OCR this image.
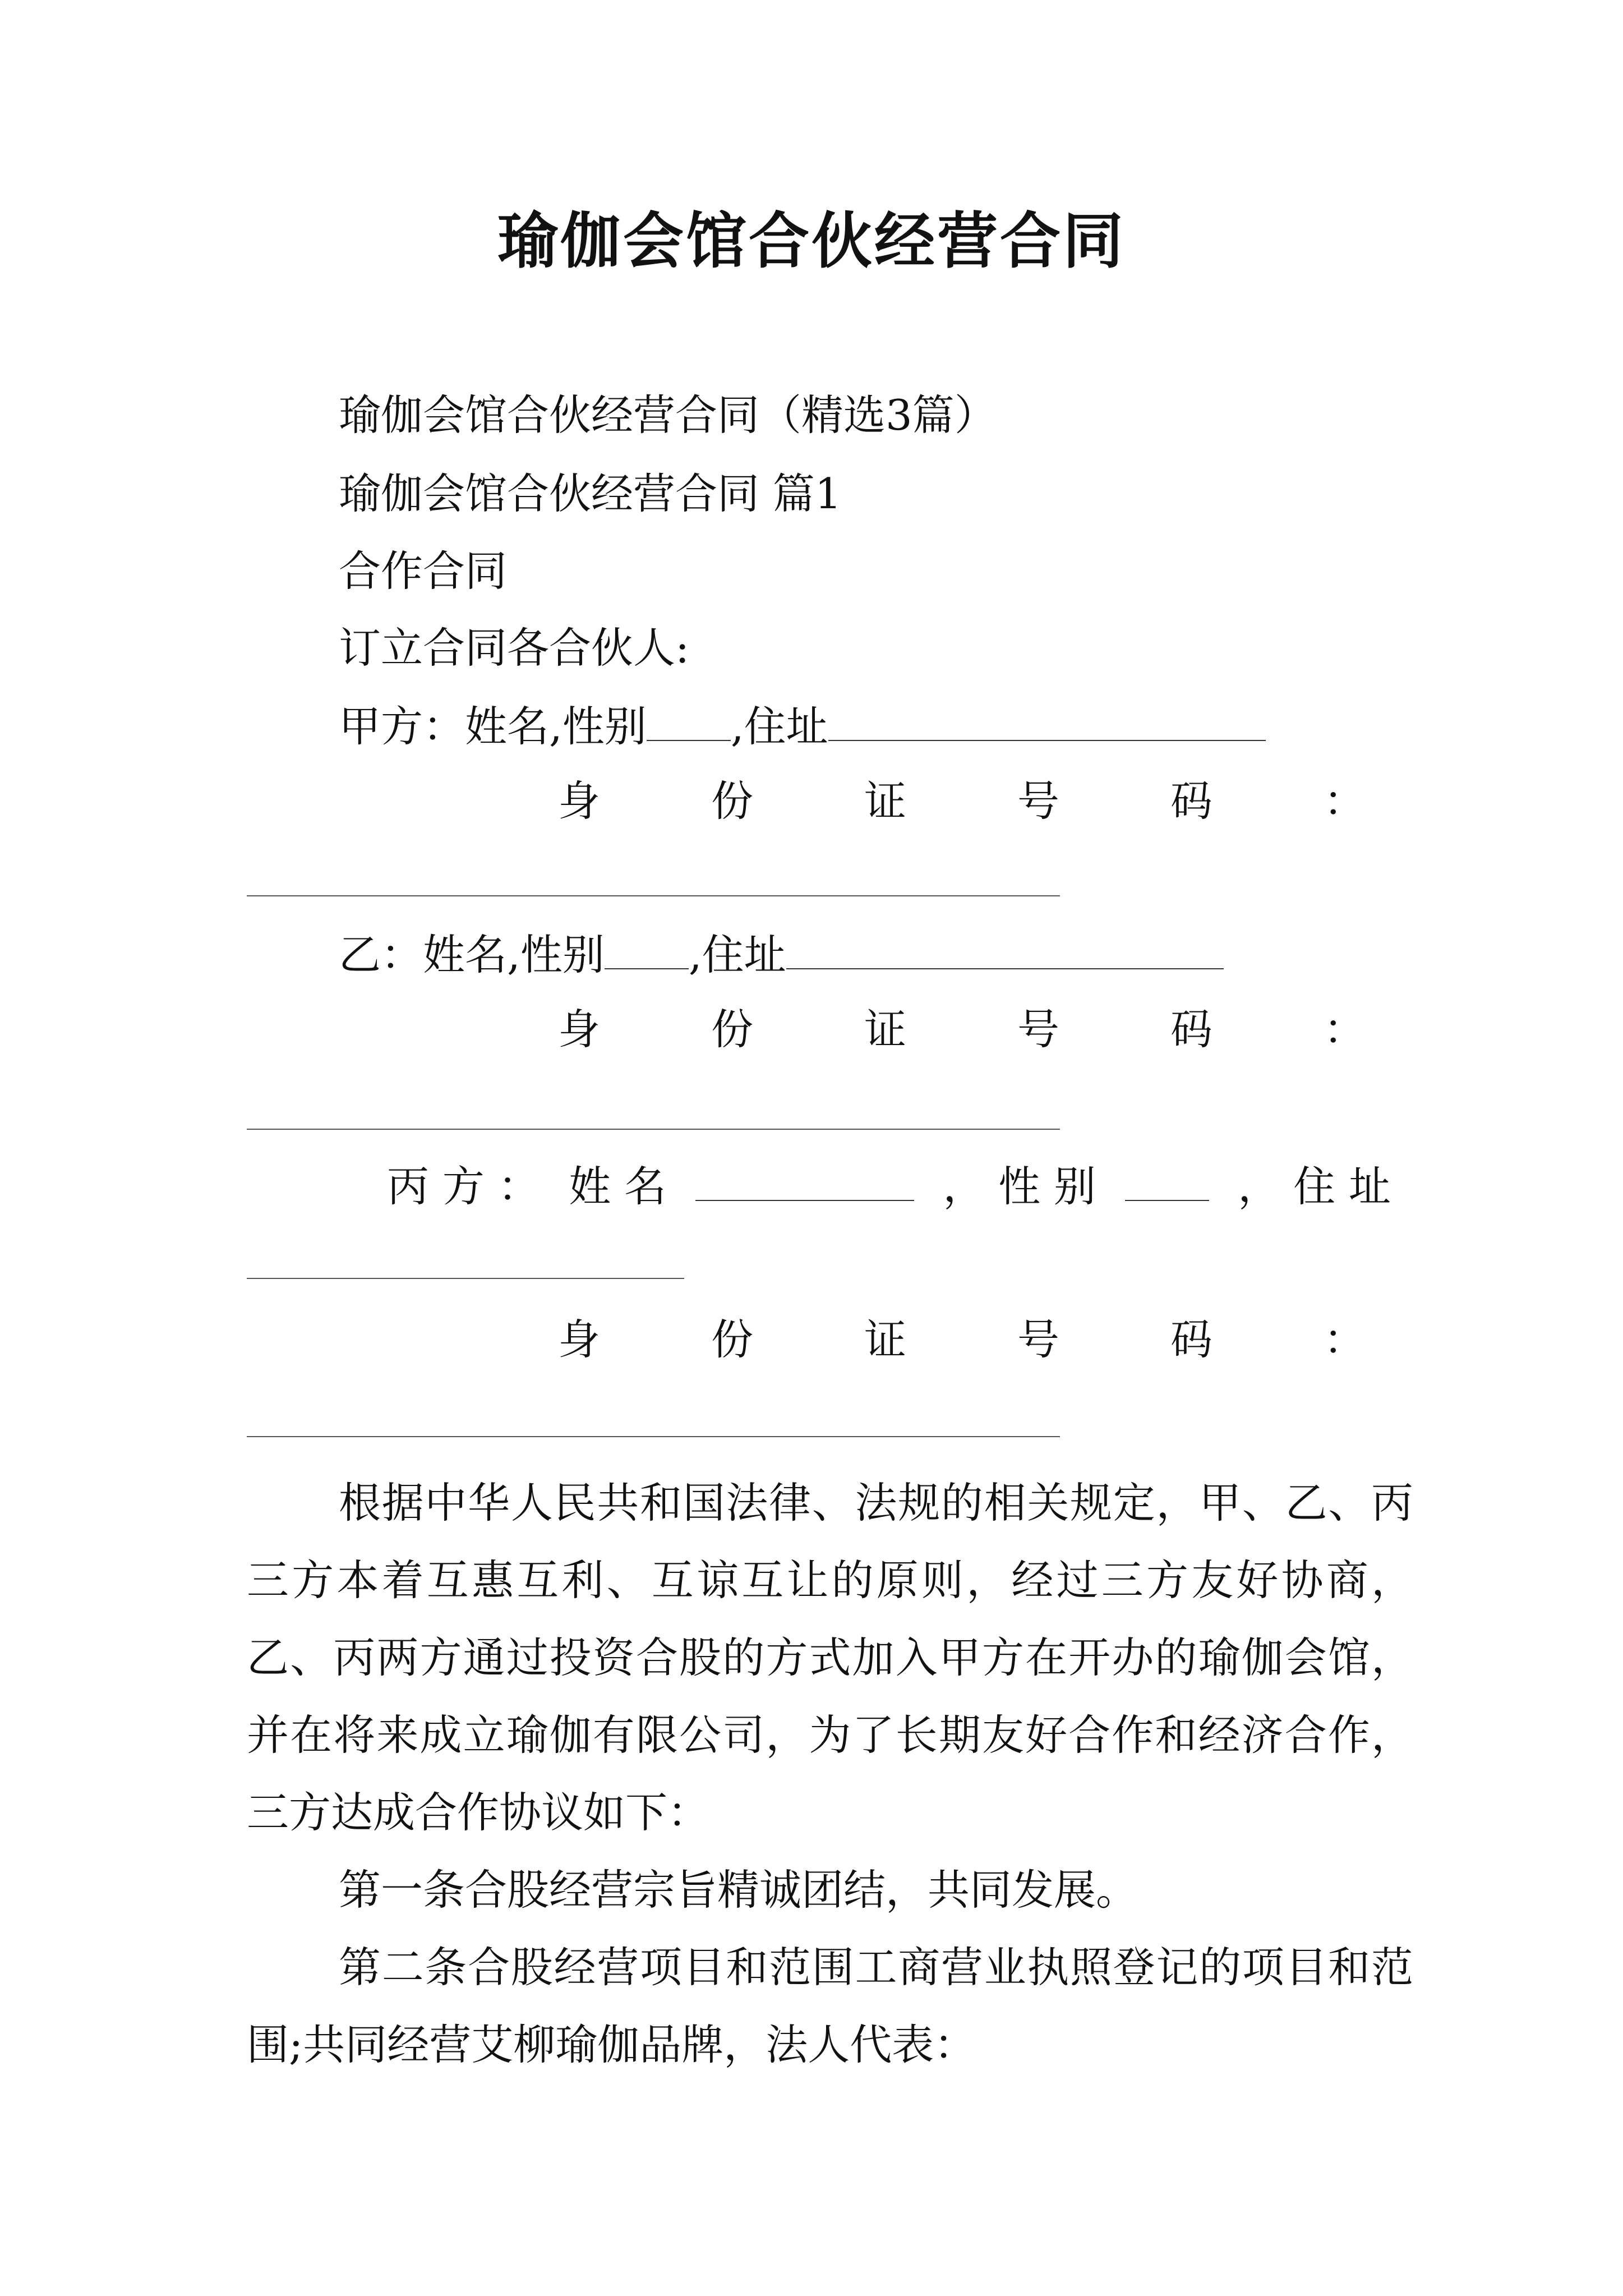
瑜伽会馆合伙经营合同
瑜伽会馆合伙经营合同（精选3篇）
瑜伽会馆合伙经营合同 篇1
合作合同
订立合同各合伙人:
甲方：姓名,性别 ,住址
身	份	证	号	码	：
乙：姓名,性别 ,住址
身	份	证	号	码	：
丙 方 ： 姓 名	， 性 别	， 住 址
身	份	证	号	码	：
根据中华人民共和国法律、法规的相关规定，甲、乙、丙三方本着互惠互利、互谅互让的原则，经过三方友好协商，乙、丙两方通过投资合股的方式加入甲方在开办的瑜伽会馆，并在将来成立瑜伽有限公司，为了长期友好合作和经济合作，三方达成合作协议如下：
第一条合股经营宗旨精诚团结，共同发展。
第二条合股经营项目和范围工商营业执照登记的项目和范围;共同经营艾柳瑜伽品牌，法人代表：
